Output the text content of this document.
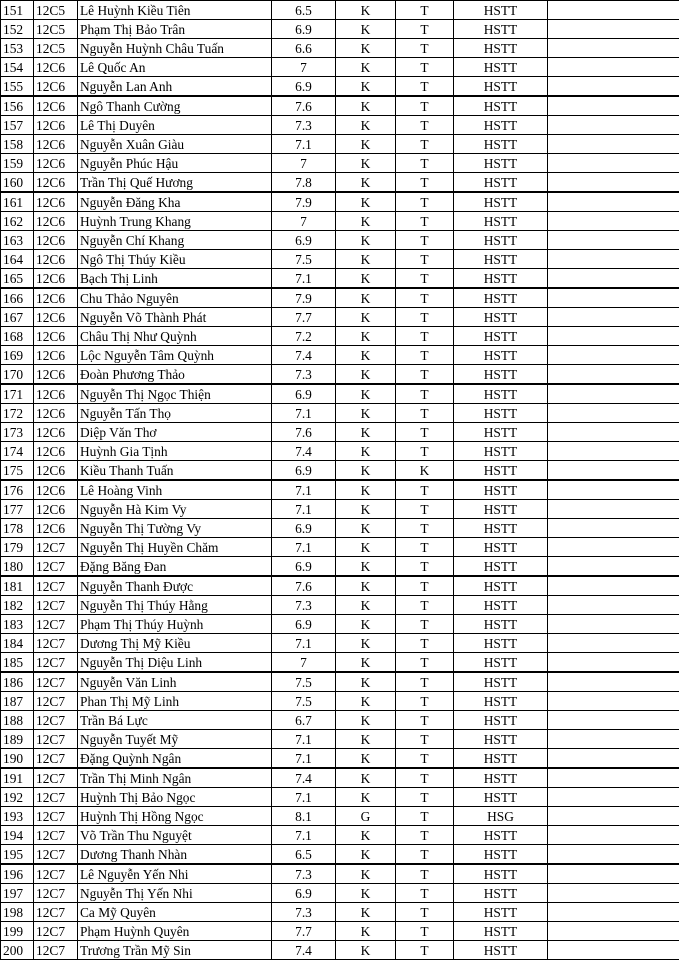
151	12C5	Lê Huỳnh Kiều Tiên	6.5	K	T	HSTT	
152	12C5	Phạm Thị Bảo Trân	6.9	K	T	HSTT	
153	12C5	Nguyễn Huỳnh Châu Tuấn	6.6	K	T	HSTT	
154	12C6	Lê Quốc An	7	K	T	HSTT	
155	12C6	Nguyễn Lan Anh	6.9	K	T	HSTT	
156	12C6	Ngô Thanh Cường	7.6	K	T	HSTT	
157	12C6	Lê Thị Duyên	7.3	K	T	HSTT	
158	12C6	Nguyễn Xuân Giàu	7.1	K	T	HSTT	
159	12C6	Nguyễn Phúc Hậu	7	K	T	HSTT	
160	12C6	Trần Thị Quế Hương	7.8	K	T	HSTT	
161	12C6	Nguyễn Đăng Kha	7.9	K	T	HSTT	
162	12C6	Huỳnh Trung Khang	7	K	T	HSTT	
163	12C6	Nguyễn Chí Khang	6.9	K	T	HSTT	
164	12C6	Ngô Thị Thúy Kiều	7.5	K	T	HSTT	
165	12C6	Bạch Thị Linh	7.1	K	T	HSTT	
166	12C6	Chu Thảo Nguyên	7.9	K	T	HSTT	
167	12C6	Nguyễn Võ Thành Phát	7.7	K	T	HSTT	
168	12C6	Châu Thị Như Quỳnh	7.2	K	T	HSTT	
169	12C6	Lộc Nguyễn Tâm Quỳnh	7.4	K	T	HSTT	
170	12C6	Đoàn Phương Thảo	7.3	K	T	HSTT	
171	12C6	Nguyễn Thị Ngọc Thiện	6.9	K	T	HSTT	
172	12C6	Nguyễn Tấn Thọ	7.1	K	T	HSTT	
173	12C6	Diệp Văn Thơ	7.6	K	T	HSTT	
174	12C6	Huỳnh Gia Tịnh	7.4	K	T	HSTT	
175	12C6	Kiều Thanh Tuấn	6.9	K	K	HSTT	
176	12C6	Lê Hoàng Vinh	7.1	K	T	HSTT	
177	12C6	Nguyễn Hà Kim Vy	7.1	K	T	HSTT	
178	12C6	Nguyễn Thị Tường Vy	6.9	K	T	HSTT	
179	12C7	Nguyễn Thị Huyền Chăm	7.1	K	T	HSTT	
180	12C7	Đặng Băng Đan	6.9	K	T	HSTT	
181	12C7	Nguyễn Thanh Được	7.6	K	T	HSTT	
182	12C7	Nguyễn Thị Thúy Hằng	7.3	K	T	HSTT	
183	12C7	Phạm Thị Thúy Huỳnh	6.9	K	T	HSTT	
184	12C7	Dương Thị Mỹ Kiều	7.1	K	T	HSTT	
185	12C7	Nguyễn Thị Diệu Linh	7	K	T	HSTT	
186	12C7	Nguyễn Văn Linh	7.5	K	T	HSTT	
187	12C7	Phan Thị Mỹ Linh	7.5	K	T	HSTT	
188	12C7	Trần Bá Lực	6.7	K	T	HSTT	
189	12C7	Nguyễn Tuyết Mỹ	7.1	K	T	HSTT	
190	12C7	Đặng Quỳnh Ngân	7.1	K	T	HSTT	
191	12C7	Trần Thị Minh Ngân	7.4	K	T	HSTT	
192	12C7	Huỳnh Thị Bảo Ngọc	7.1	K	T	HSTT	
193	12C7	Huỳnh Thị Hồng Ngọc	8.1	G	T	HSG	
194	12C7	Võ Trần Thu Nguyệt	7.1	K	T	HSTT	
195	12C7	Dương Thanh Nhàn	6.5	K	T	HSTT	
196	12C7	Lê Nguyễn Yến Nhi	7.3	K	T	HSTT	
197	12C7	Nguyễn Thị Yến Nhi	6.9	K	T	HSTT	
198	12C7	Ca Mỹ Quyên	7.3	K	T	HSTT	
199	12C7	Phạm Huỳnh Quyên	7.7	K	T	HSTT	
200	12C7	Trương Trần Mỹ Sin	7.4	K	T	HSTT	
